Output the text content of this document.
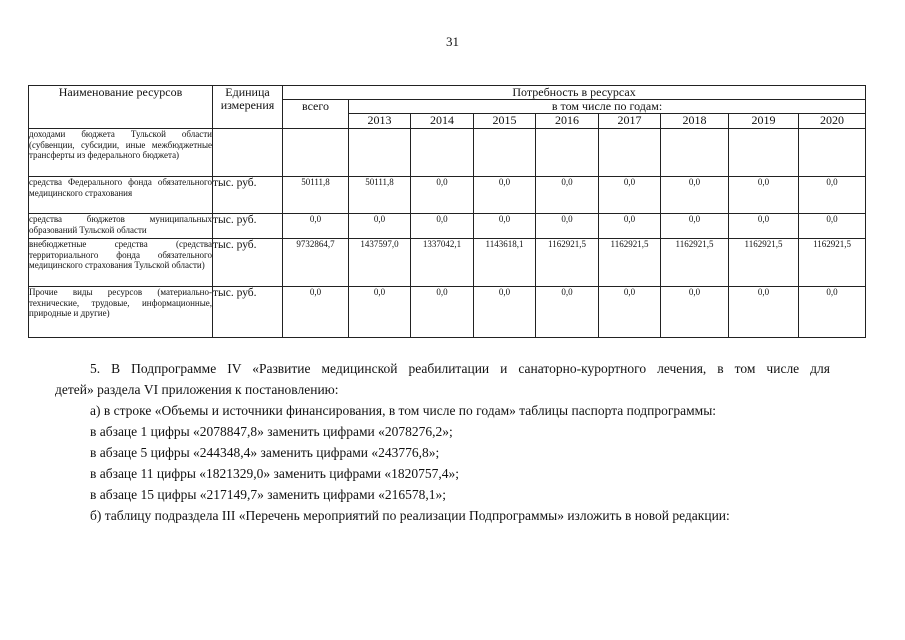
31
Наименование ресурсов	Единица измерения	Потребность в ресурсах								
		всего	в том числе по годам:							
			2013	2014	2015	2016	2017	2018	2019	2020
доходами бюджета Тульской области (субвенции, субсидии, иные межбюджетные трансферты из федерального бюджета)										
средства Федерального фонда обязательного медицинского страхования	тыс. руб.	50111,8	50111,8	0,0	0,0	0,0	0,0	0,0	0,0	0,0
средства бюджетов муниципальных образований Тульской области	тыс. руб.	0,0	0,0	0,0	0,0	0,0	0,0	0,0	0,0	0,0
внебюджетные средства (средства территориального фонда обязательного медицинского страхования Тульской области)	тыс. руб.	9732864,7	1437597,0	1337042,1	1143618,1	1162921,5	1162921,5	1162921,5	1162921,5	1162921,5
Прочие виды ресурсов (материально-технические, трудовые, информационные, природные и другие)	тыс. руб.	0,0	0,0	0,0	0,0	0,0	0,0	0,0	0,0	0,0
5. В Подпрограмме IV «Развитие медицинской реабилитации и санаторно-курортного лечения, в том числе для
детей» раздела VI приложения к постановлению:
а) в строке «Объемы и источники финансирования, в том числе по годам» таблицы паспорта подпрограммы:
в абзаце 1 цифры «2078847,8» заменить цифрами «2078276,2»;
в абзаце 5 цифры «244348,4» заменить цифрами «243776,8»;
в абзаце 11 цифры «1821329,0» заменить цифрами «1820757,4»;
в абзаце 15 цифры «217149,7» заменить цифрами «216578,1»;
б) таблицу подраздела III «Перечень мероприятий по реализации Подпрограммы» изложить в новой редакции:
